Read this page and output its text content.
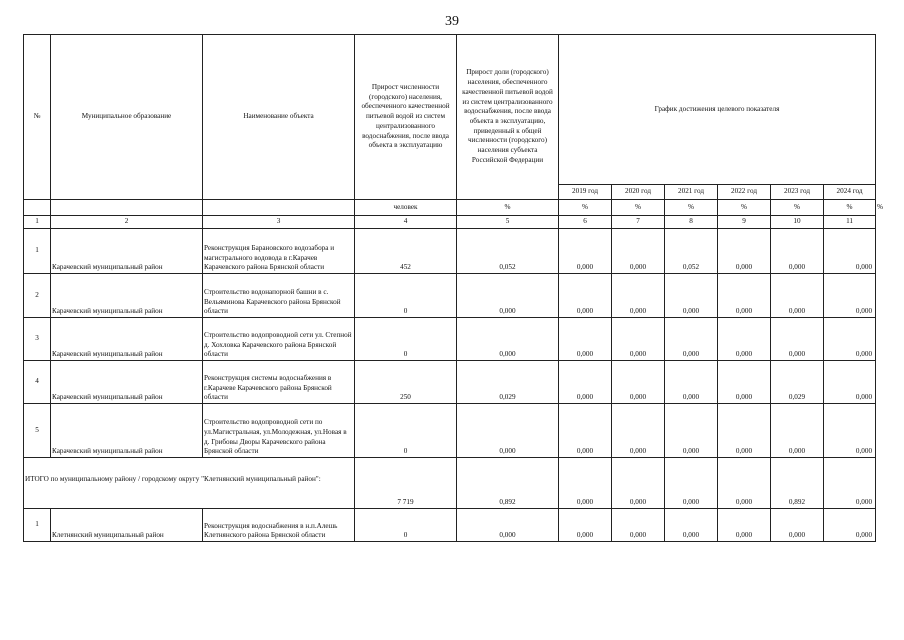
39
№	Муниципальное образование	Наименование объекта	Прирост численности (городского) населения, обеспеченного качественной питьевой водой из систем централизованного водоснабжения, после ввода объекта в эксплуатацию	Прирост доли (городского) населения, обеспеченного качественной питьевой водой из систем централизованного водоснабжения, после ввода объекта в эксплуатацию, приведенный к общей численности (городского) населения субъекта Российской Федерации	График достижения целевого показателя						
					2019 год	2020 год	2021 год	2022 год	2023 год	2024 год	
			человек	%	%	%	%	%	%	%	%
1	2	3	4	5	6	7	8	9	10	11	
1	Карачевский муниципальный район	Реконструкция Барановского водозабора и магистрального водовода в г.Карачев Карачевского района Брянской области	452	0,052	0,000	0,000	0,052	0,000	0,000	0,000	
2	Карачевский муниципальный район	Строительство водонапорной башни в с. Вельяминова Карачевского района Брянской области	0	0,000	0,000	0,000	0,000	0,000	0,000	0,000	
3	Карачевский муниципальный район	Строительство водопроводной сети ул. Степной д. Хохловка Карачевского района Брянской области	0	0,000	0,000	0,000	0,000	0,000	0,000	0,000	
4	Карачевский муниципальный район	Реконструкция системы водоснабжения в г.Карачеве Карачевского района Брянской области	250	0,029	0,000	0,000	0,000	0,000	0,029	0,000	
5	Карачевский муниципальный район	Строительство водопроводной сети по ул.Магистральная, ул.Молодежная, ул.Новая в д. Грибовы Дворы Карачевского района Брянской области	0	0,000	0,000	0,000	0,000	0,000	0,000	0,000	
ИТОГО по муниципальному району / городскому округу "Клетнянский муниципальный район":			7 719	0,892	0,000	0,000	0,000	0,000	0,892	0,000	
1	Клетнянский муниципальный район	Реконструкция водоснабжения в н.п.Алешь Клетнянского района Брянской области	0	0,000	0,000	0,000	0,000	0,000	0,000	0,000	
